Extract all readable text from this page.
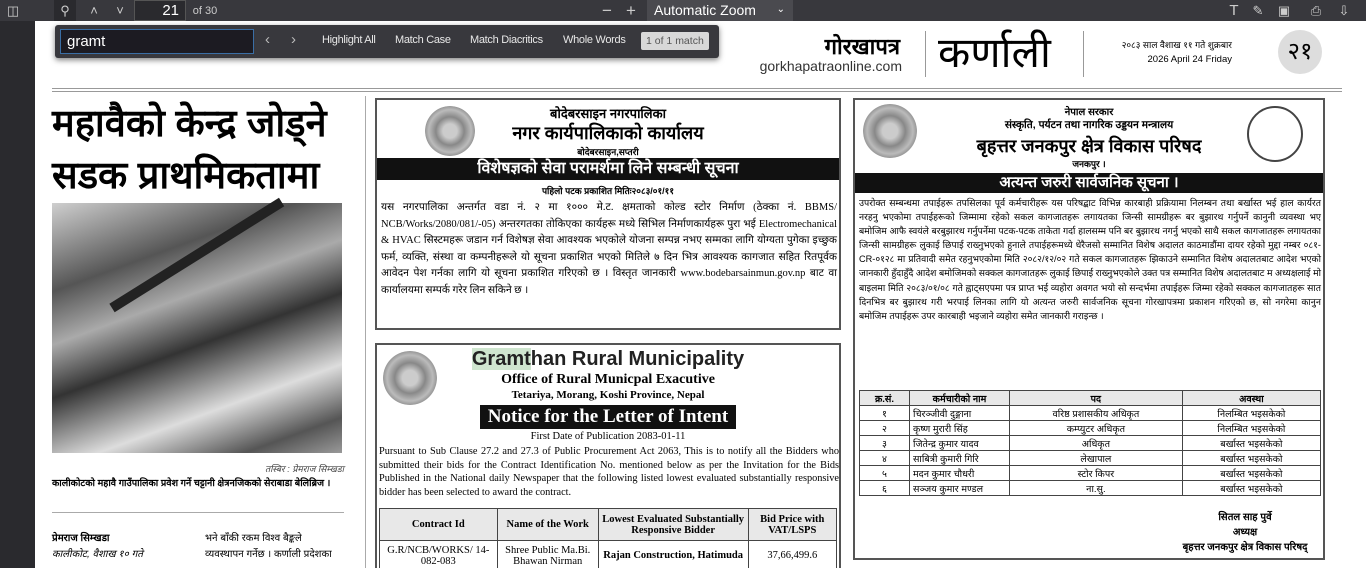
◫	⚲	˄	˅	21	of 30	− +	Automatic Zoom ⌄	T ✎ ▣ ⎙ ⇩
gramt	‹ › Highlight All Match Case Match Diacritics Whole Words	1 of 1 match	गोरखापत्र
gorkhapatraonline.com कर्णाली	२०८३ साल वैशाख ११ गते शुक्रबार
2026 April 24 Friday	२१
महावैको केन्द्र जोड्ने
सडक प्राथमिकतामा
तस्बिर : प्रेमराज सिम्खडा
कालीकोटको महावै गाउँपालिका प्रवेश गर्ने चट्टानी क्षेत्रनजिकको सेराबाडा बेलिब्रिज ।
प्रेमराज सिम्खडा
कालीकोट, वैशाख १० गते
भने बाँकी रकम विश्व बैङ्कले
व्यवस्थापन गर्नेछ । कर्णाली प्रदेशका
बोदेबरसाइन नगरपालिका
नगर कार्यपालिकाको कार्यालय
बोदेबरसाइन,सप्तरी
विशेषज्ञको सेवा परामर्शमा लिने सम्बन्धी सूचना
पहिलो पटक प्रकाशित मितिः२०८३/०१/११
यस नगरपालिका अन्तर्गत वडा नं. २ मा १००० मे.ट. क्षमताको कोल्ड स्टोर निर्माण (ठेक्का नं. BBMS/ NCB/Works/2080/081/-05) अन्तरगतका तोकिएका कार्यहरू मध्ये सिभिल निर्माणकार्यहरू पुरा भई Electromechanical & HVAC सिस्टमहरू जडान गर्न विशेषज्ञ सेवा आवश्यक भएकोले योजना सम्पन्न नभए सम्मका लागि योग्यता पुगेका इच्छुक फर्म, व्यक्ति, संस्था वा कम्पनीहरूले यो सूचना प्रकाशित भएको मितिले ७ दिन भित्र आवश्यक कागजात सहित रितपूर्वक आवेदन पेश गर्नका लागि यो सूचना प्रकाशित गरिएको छ । विस्तृत जानकारी www.bodebarsainmun.gov.np बाट वा कार्यालयमा सम्पर्क गरेर लिन सकिने छ ।
Gramthan Rural Municipality
Office of Rural Municpal Exacutive
Tetariya, Morang, Koshi Province, Nepal
Notice for the Letter of Intent
First Date of Publication 2083-01-11
Pursuant to Sub Clause 27.2 and 27.3 of Public Procurement Act 2063, This is to notify all the Bidders who submitted their bids for the Contract Identification No. mentioned below as per the Invitation for the Bids Published in the National daily Newspaper that the following listed lowest evaluated substantially responsive bidder has been selected to award the contract.
Contract Id	Name of the Work	Lowest Evaluated Substantially Responsive Bidder	Bid Price with VAT/LSPS
G.R/NCB/WORKS/ 14-082-083	Shree Public Ma.Bi. Bhawan Nirman	Rajan Construction, Hatimuda	37,66,499.6
नेपाल सरकार
संस्कृति, पर्यटन तथा नागरिक उड्डयन मन्त्रालय
बृहत्तर जनकपुर क्षेत्र विकास परिषद
जनकपुर ।
अत्यन्त जरुरी सार्वजनिक सूचना ।
उपरोक्त सम्बन्धमा तपाईहरू तपसिलका पूर्व कर्मचारीहरू यस परिषद्बाट विभिन्न कारबाही प्रक्रियामा निलम्बन तथा बर्खास्त भई हाल कार्यरत नरहनु भएकोमा तपाईहरूको जिम्मामा रहेको सकल कागजातहरू लगायतका जिन्सी सामग्रीहरू बर बुझारथ गर्नुपर्ने कानुनी व्यवस्था भए बमोजिम आफै स्वयंले बरबुझारथ गर्नुपर्नेमा पटक-पटक ताकेता गर्दा हालसम्म पनि बर बुझारथ नगर्नु भएको साथै सकल कागजातहरू लगायतका जिन्सी सामग्रीहरू लुकाई छिपाई राख्नुभएको हुनाले तपाईहरूमध्ये धेरैजसो सम्मानित विशेष अदालत काठमाडौंमा दायर रहेको मुद्दा नम्बर ०८१-CR-०१२८ मा प्रतिवादी समेत रहनुभएकोमा मिति २०८२/१२/०२ गते सकल कागजातहरू झिकाउने सम्मानित विशेष अदालतबाट आदेश भएको जानकारी हुँदाहुँदै आदेश बमोजिमको सक्कल कागजातहरू लुकाई छिपाई राख्नुभएकोले उक्त पत्र सम्मानित विशेष अदालतबाट म अध्यक्षलाई मो बाइलमा मिति २०८३/०१/०८ गते ह्वाट्सएपमा पत्र प्राप्त भई व्यहोरा अवगत भयो सो सन्दर्भमा तपाईहरू जिम्मा रहेको सक्कल कागजातहरू सात दिनभित्र बर बुझारथ गरी भरपाई लिनका लागि यो अत्यन्त जरुरी सार्वजनिक सूचना गोरखापत्रमा प्रकाशन गरिएको छ, सो नगरेमा कानुन बमोजिम तपाईहरू उपर कारबाही भइजाने व्यहोरा समेत जानकारी गराइन्छ ।
क्र.सं.	कर्मचारीको नाम	पद	अवस्था
१	चिरञ्जीवी दुङ्गाना	वरिष्ठ प्रशासकीय अधिकृत	निलम्बित भइसकेको
२	कृष्ण मुरारी सिंह	कम्प्युटर अधिकृत	निलम्बित भइसकेको
३	जितेन्द्र कुमार यादव	अधिकृत	बर्खास्त भइसकेको
४	साबित्री कुमारी गिरि	लेखापाल	बर्खास्त भइसकेको
५	मदन कुमार चौधरी	स्टोर किपर	बर्खास्त भइसकेको
६	सञ्जय कुमार मण्डल	ना.सु.	बर्खास्त भइसकेको
सितल साह पुर्वे
अध्यक्ष
बृहत्तर जनकपुर क्षेत्र विकास परिषद्
